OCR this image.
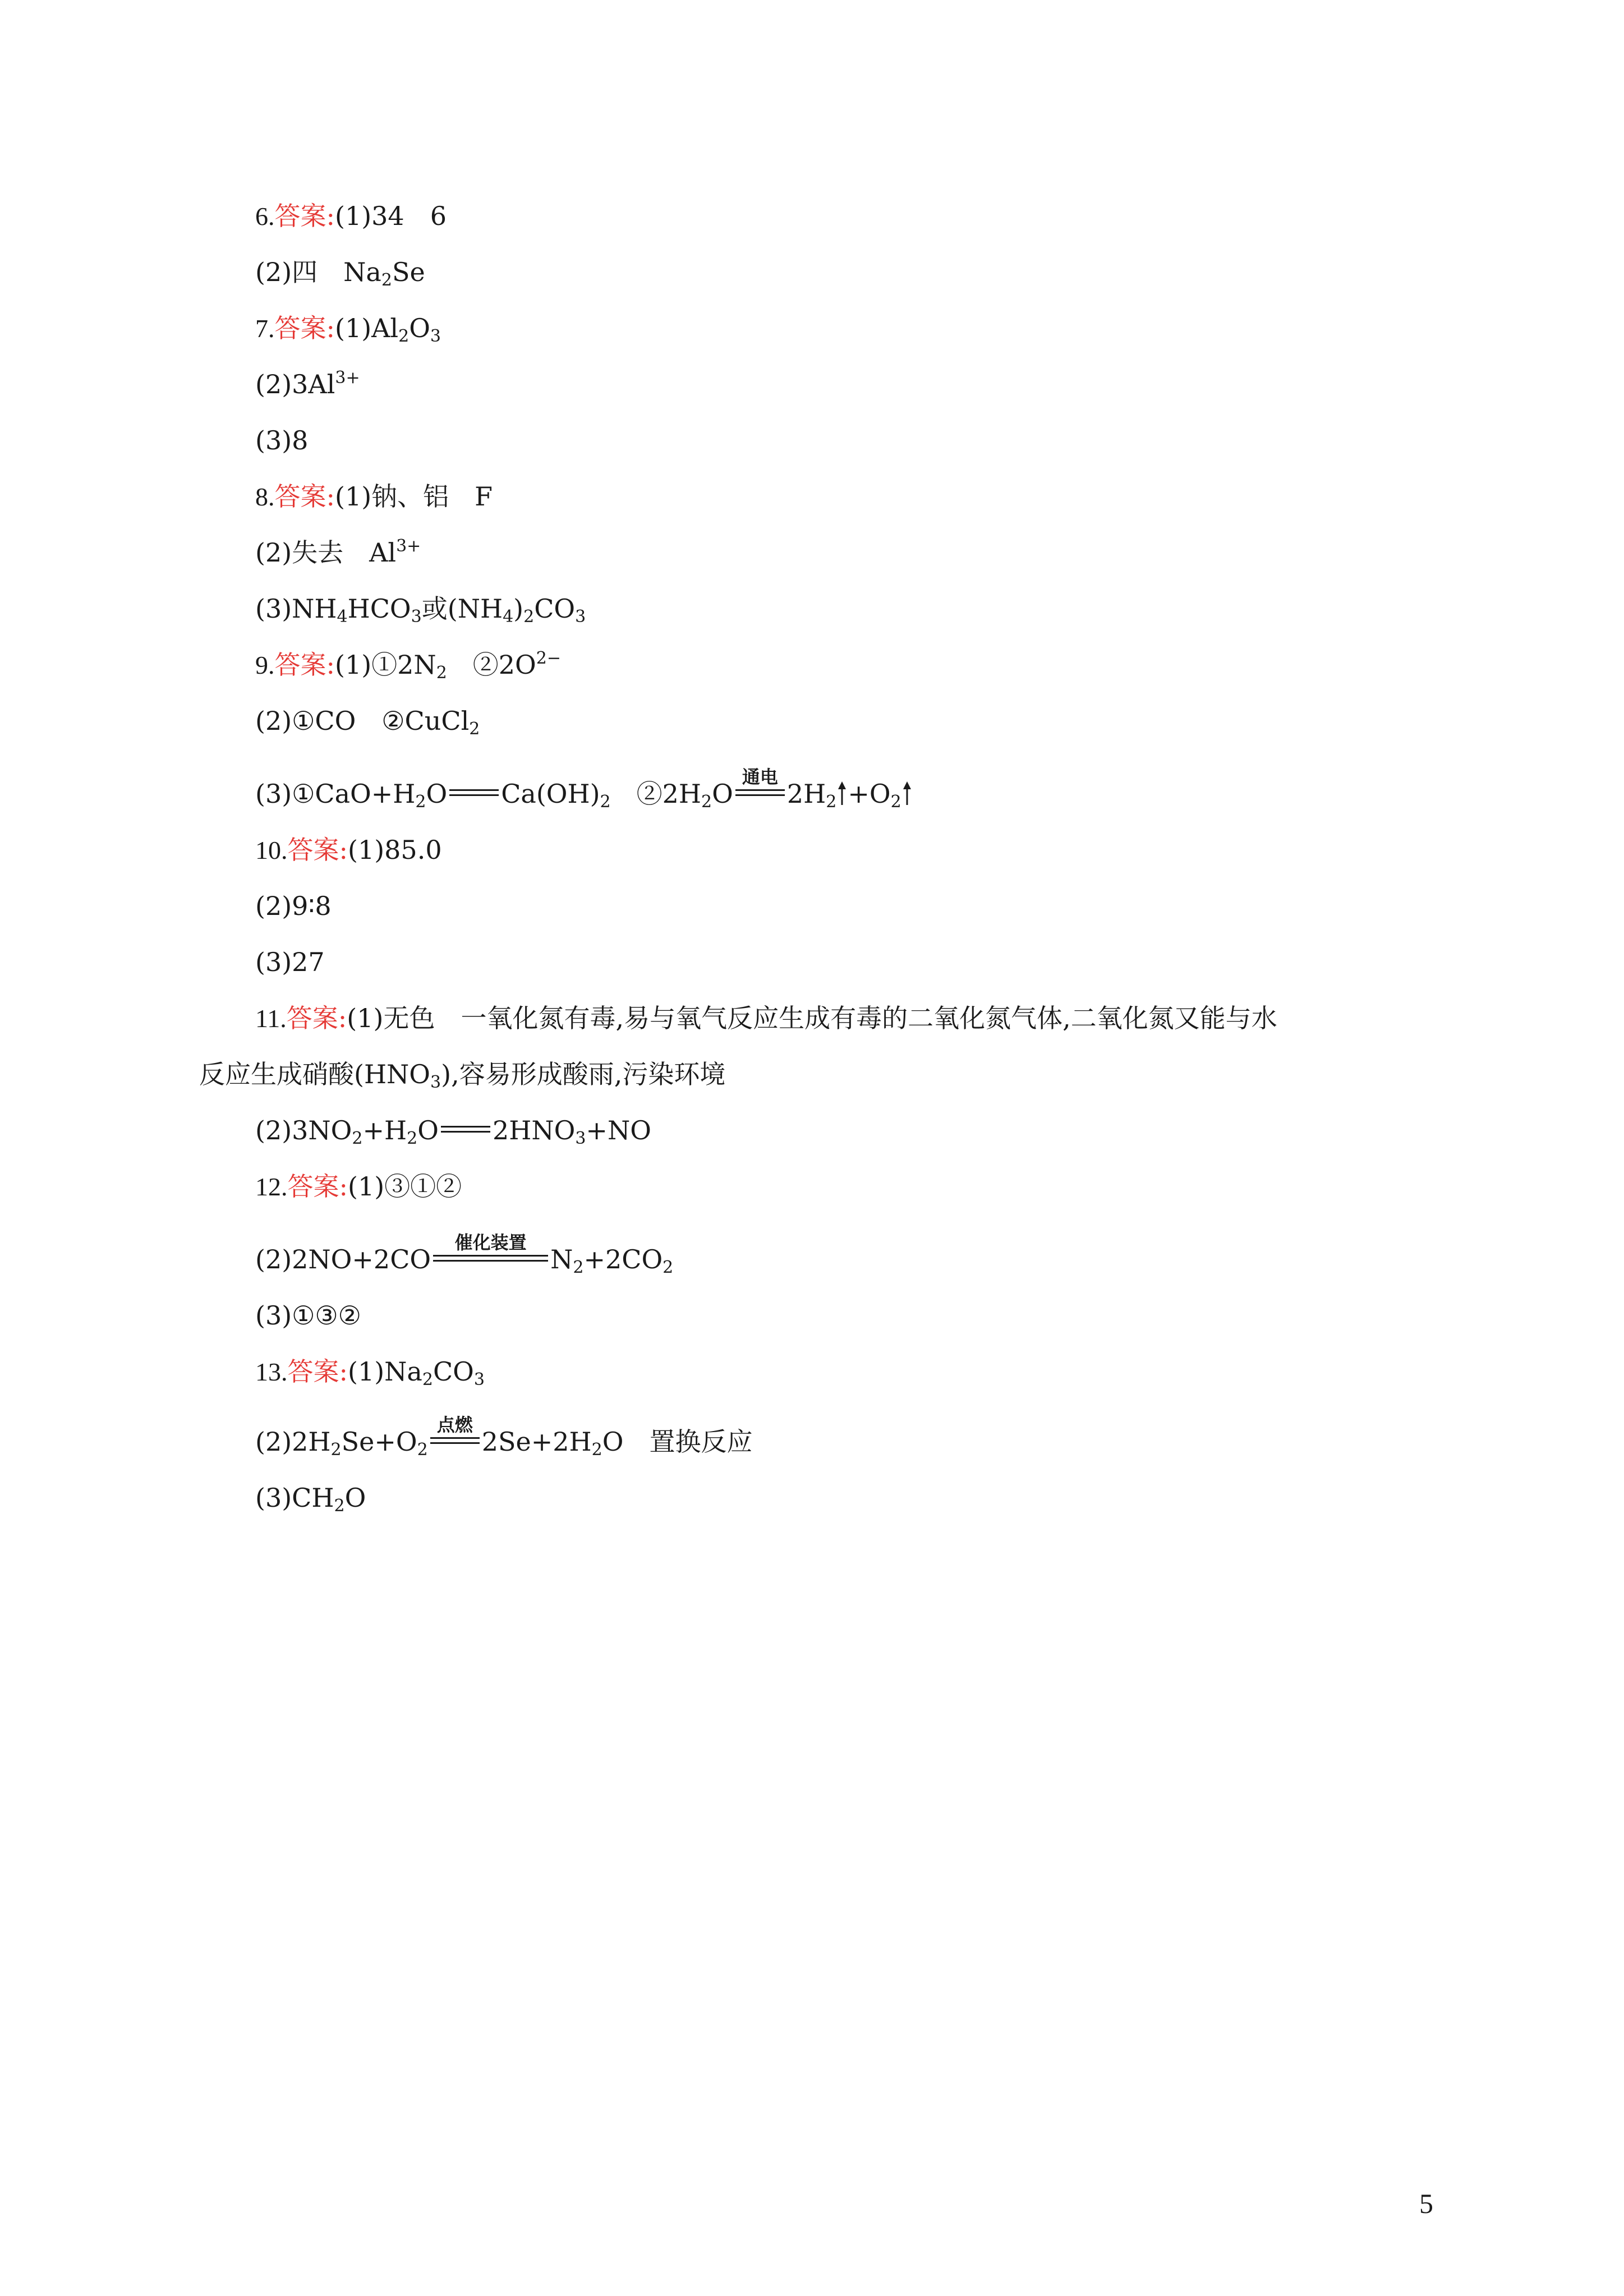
6.答案:(1)34　6
(2)四　$Na_2Se$
7.答案$:(1)Al_2O_3$
$(2)3Al^{3+}$
(3)8
8.答案:(1)钠、铝　F
(2)失去　$Al^{3+}$
$(3)NH_4HCO_3$或$(NH_4)_2CO_3$
9.答案$:(1)①2N_2$　$②2O^{2-}$
(2)①CO　②CuCl$_2$
$(3)①CaO+H_2O$ $Ca(OH)_2$　$②2H_2O$
通电
$2H_2 +O_2$
10.答案:(1)85.0
(2)9∶8
(3)27
11.答案:(1)无色　一氧化氮有毒,易与氧气反应生成有毒的二氧化氮气体,二氧化氮又能与水
反应生成硝酸$(HNO_3)$,容易形成酸雨,污染环境
$(2)3NO_2+H_2O$ $2HNO_3+NO$
12.答案:(1)③①②
(2)2NO+2CO
催化装置
$N_2+2CO_2$
(3)①③②
13.答案$:(1)Na_2CO_3$
$(2)2H_2Se+O_2$
点燃
$2Se+2H_2O$　置换反应
$(3)CH_2O$
5
